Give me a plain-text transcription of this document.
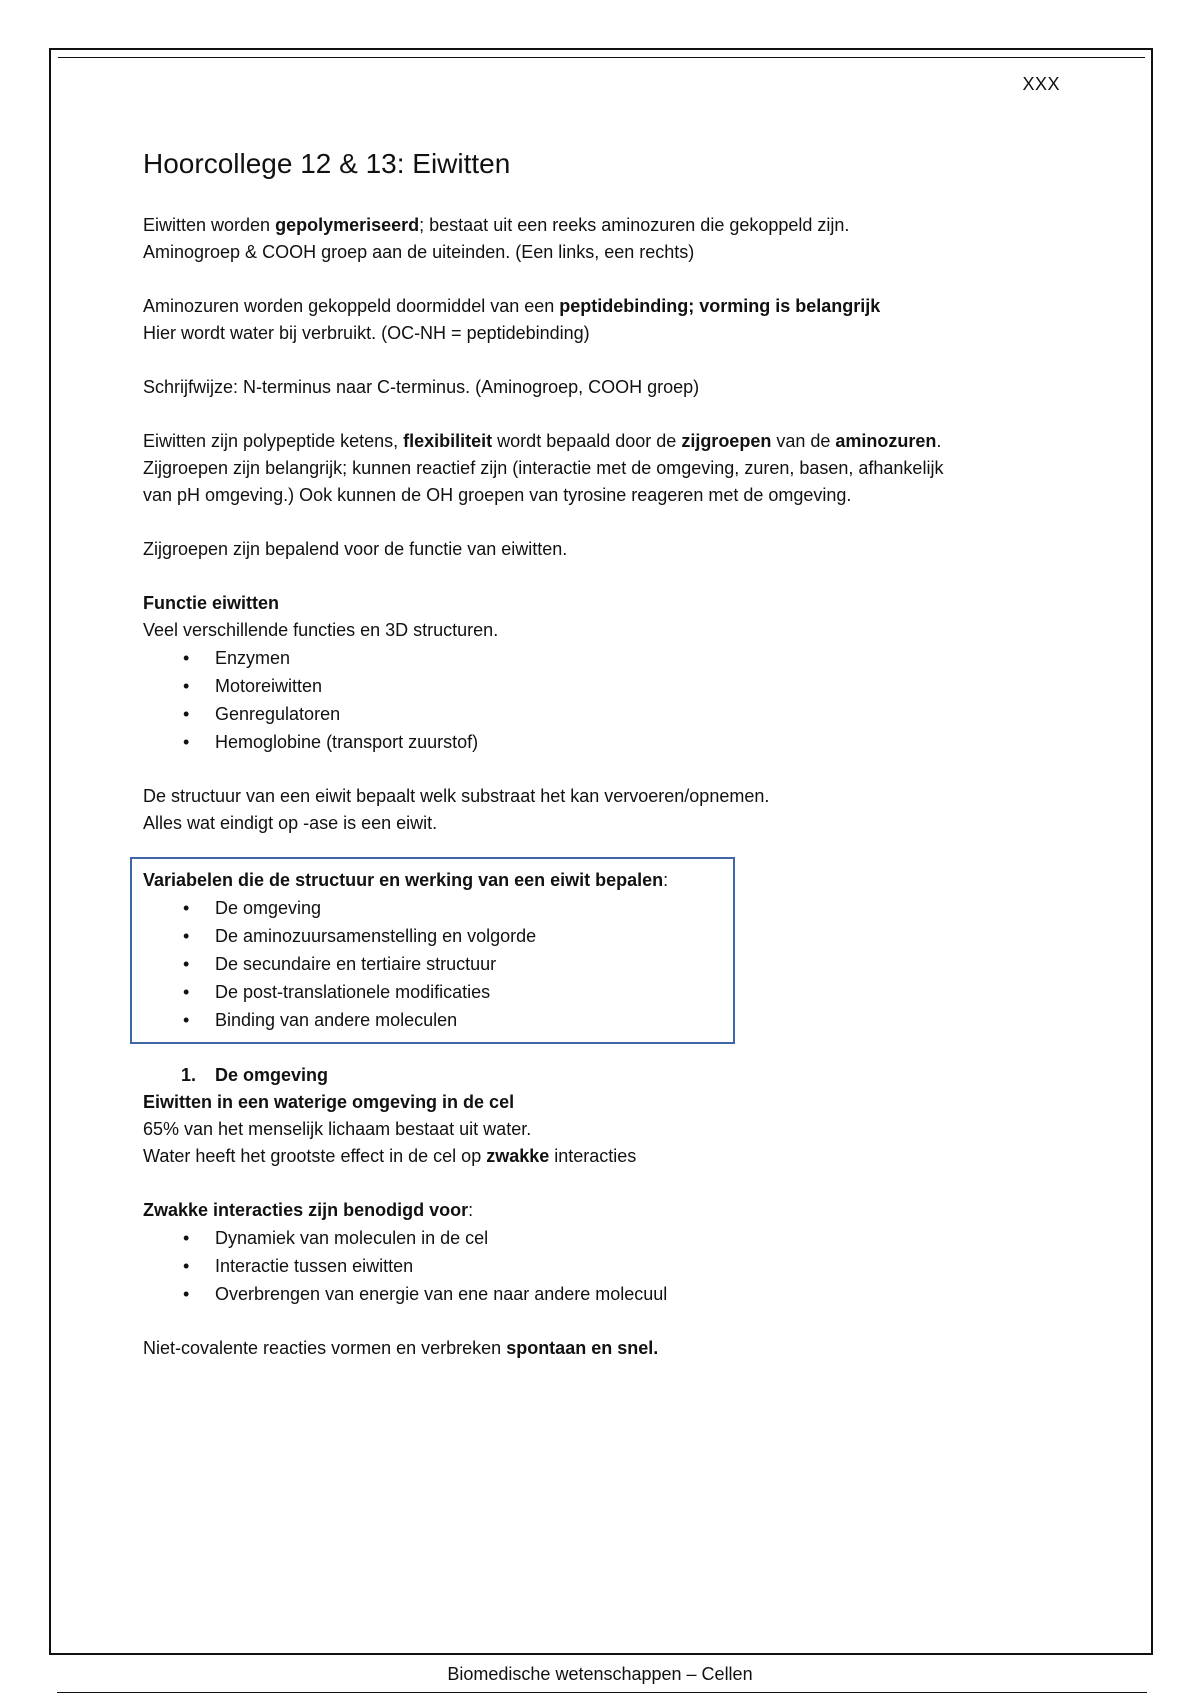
XXX
Hoorcollege 12 & 13: Eiwitten

Eiwitten worden gepolymeriseerd; bestaat uit een reeks aminozuren die gekoppeld zijn.
Aminogroep & COOH groep aan de uiteinden. (Een links, een rechts)

Aminozuren worden gekoppeld doormiddel van een peptidebinding; vorming is belangrijk
Hier wordt water bij verbruikt. (OC-NH = peptidebinding)

Schrijfwijze: N-terminus naar C-terminus. (Aminogroep, COOH groep)

Eiwitten zijn polypeptide ketens, flexibiliteit wordt bepaald door de zijgroepen van de aminozuren.
Zijgroepen zijn belangrijk; kunnen reactief zijn (interactie met de omgeving, zuren, basen, afhankelijk
van pH omgeving.) Ook kunnen de OH groepen van tyrosine reageren met de omgeving.

Zijgroepen zijn bepalend voor de functie van eiwitten.

Functie eiwitten
Veel verschillende functies en 3D structuren.
• Enzymen
• Motoreiwitten
• Genregulatoren
• Hemoglobine (transport zuurstof)

De structuur van een eiwit bepaalt welk substraat het kan vervoeren/opnemen.
Alles wat eindigt op -ase is een eiwit.

Variabelen die de structuur en werking van een eiwit bepalen:
• De omgeving
• De aminozuursamenstelling en volgorde
• De secundaire en tertiaire structuur
• De post-translationele modificaties
• Binding van andere moleculen
1. De omgeving
Eiwitten in een waterige omgeving in de cel

65% van het menselijk lichaam bestaat uit water.
Water heeft het grootste effect in de cel op zwakke interacties

Zwakke interacties zijn benodigd voor:
• Dynamiek van moleculen in de cel
• Interactie tussen eiwitten
• Overbrengen van energie van ene naar andere molecuul

Niet-covalente reacties vormen en verbreken spontaan en snel.

Biomedische wetenschappen – Cellen
